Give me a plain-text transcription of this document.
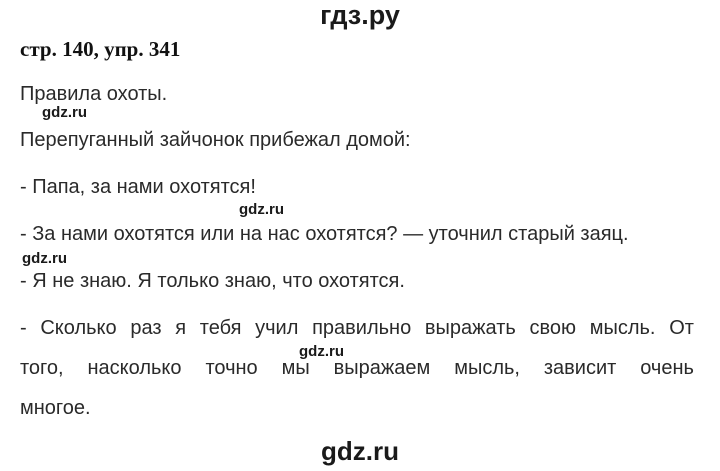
гдз.ру
стр. 140, упр. 341
Правила охоты.
gdz.ru
Перепуганный зайчонок прибежал домой:
- Папа, за нами охотятся!
gdz.ru
- За нами охотятся или на нас охотятся? — уточнил старый заяц.
gdz.ru
- Я не знаю. Я только знаю, что охотятся.
- Сколько раз я тебя учил правильно выражать свою мысль. От
gdz.ru
того, насколько точно мы выражаем мысль, зависит очень
многое.
gdz.ru
